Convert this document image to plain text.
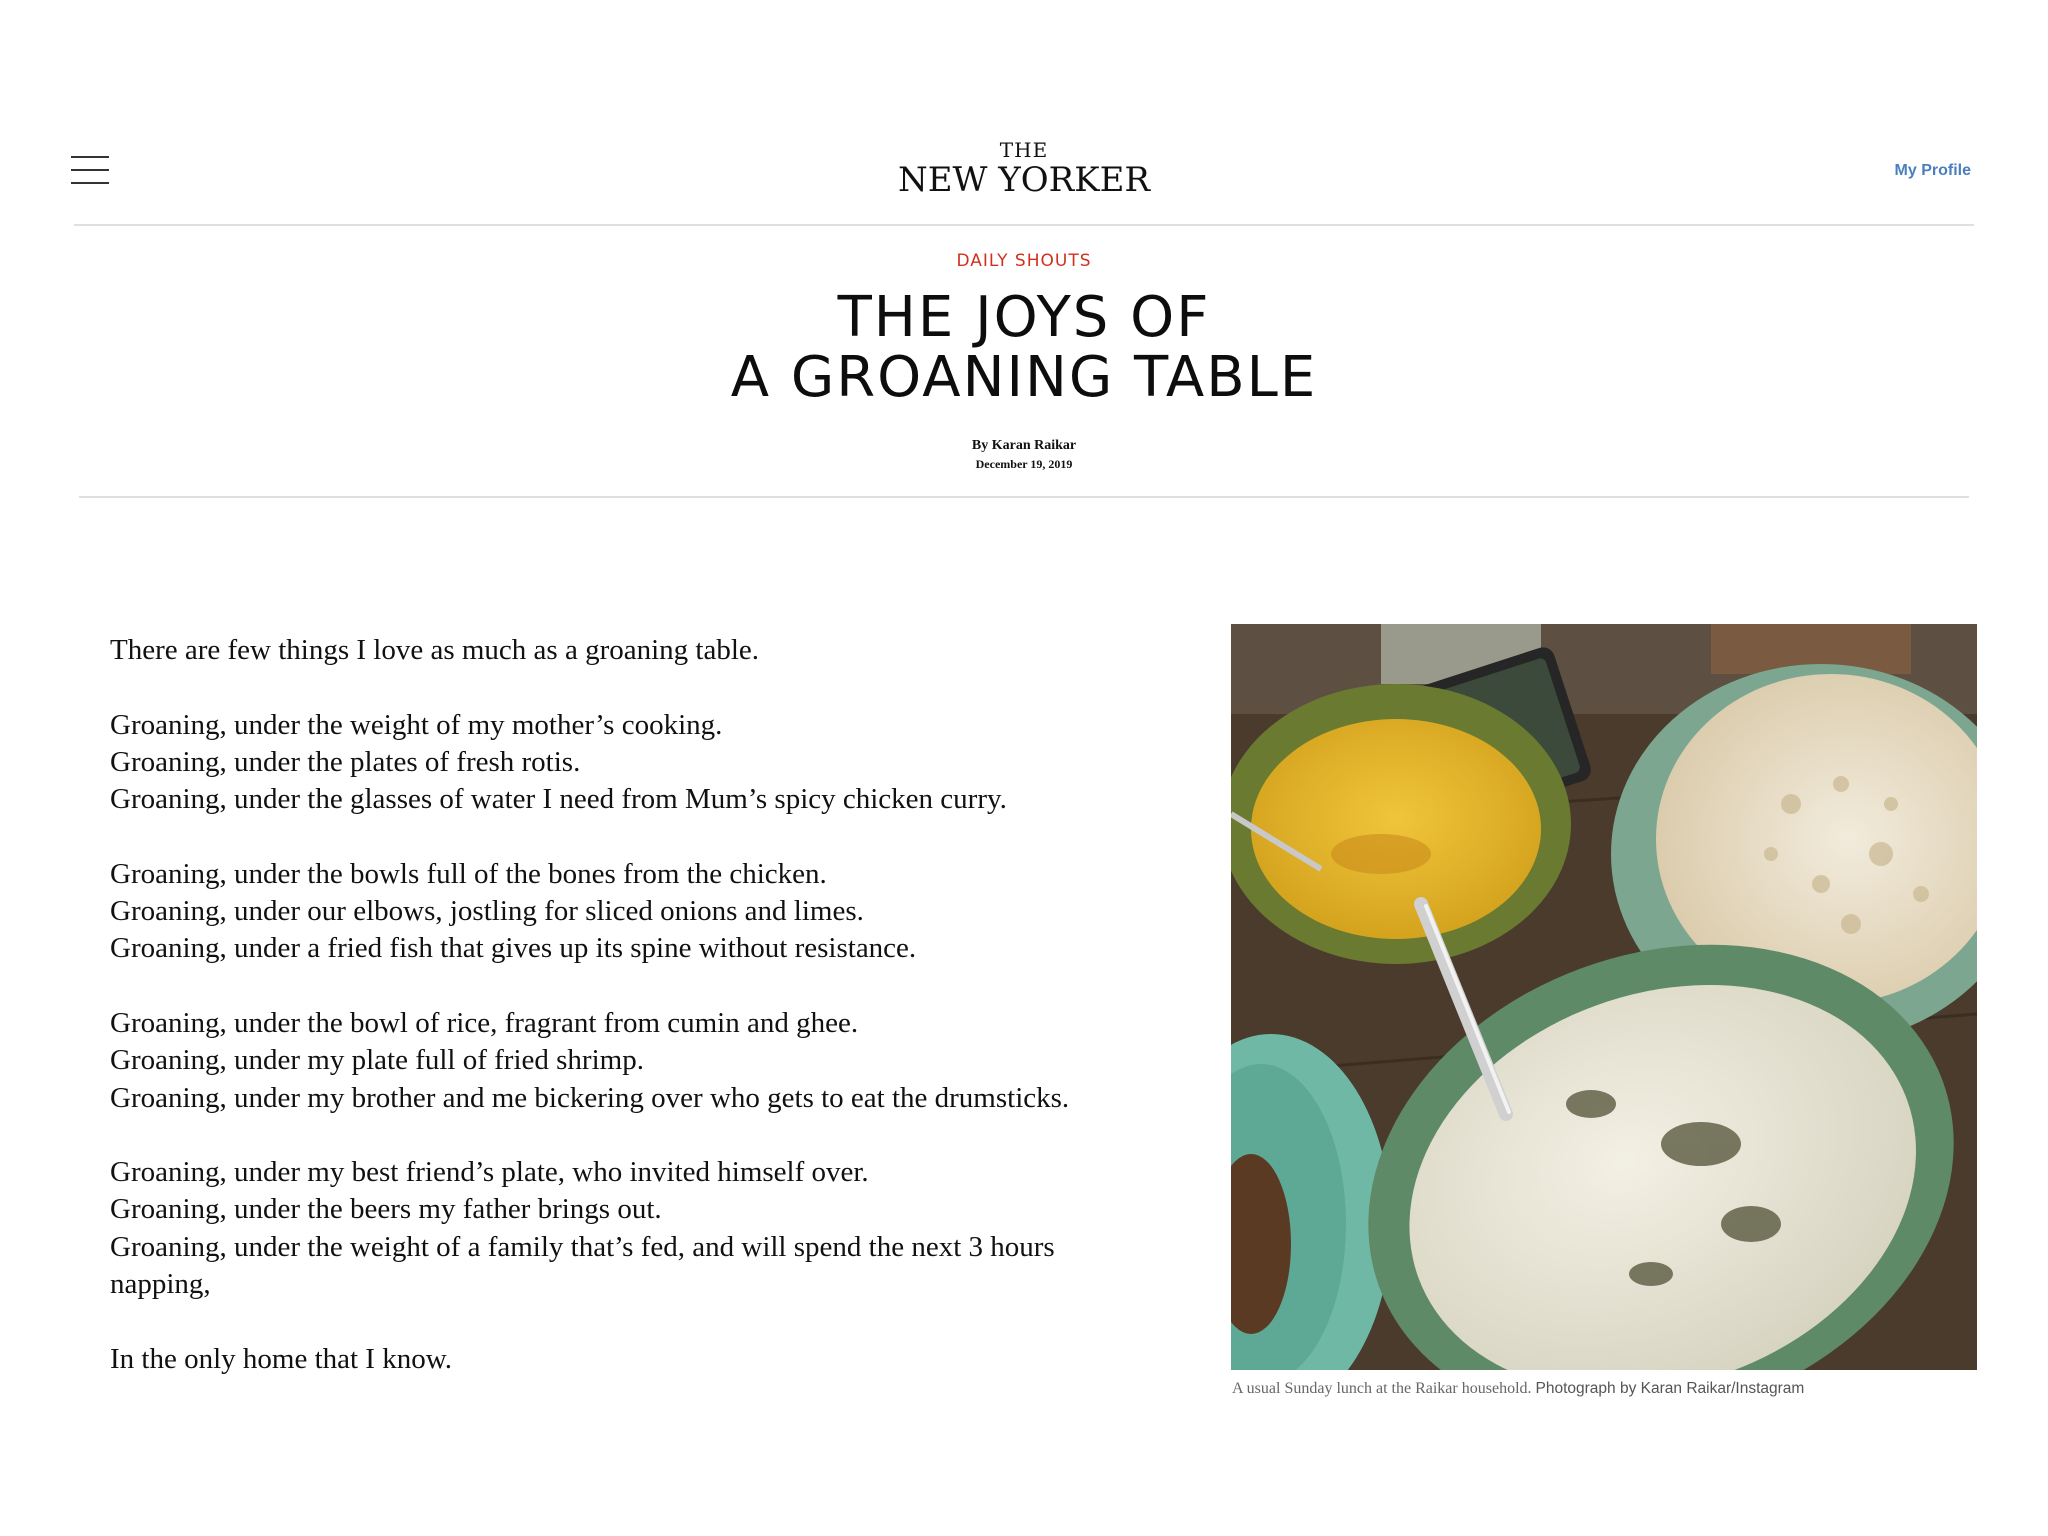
THE
NEW YORKER	My Profile
DAILY SHOUTS
THE JOYS OF
A GROANING TABLE
By Karan Raikar
December 19, 2019

There are few things I love as much as a groaning table.

Groaning, under the weight of my mother’s cooking.
Groaning, under the plates of fresh rotis.
Groaning, under the glasses of water I need from Mum’s spicy chicken curry.

Groaning, under the bowls full of the bones from the chicken.
Groaning, under our elbows, jostling for sliced onions and limes.
Groaning, under a fried fish that gives up its spine without resistance.

Groaning, under the bowl of rice, fragrant from cumin and ghee.
Groaning, under my plate full of fried shrimp.
Groaning, under my brother and me bickering over who gets to eat the drumsticks.

Groaning, under my best friend’s plate, who invited himself over.
Groaning, under the beers my father brings out.
Groaning, under the weight of a family that’s fed, and will spend the next 3 hours napping,

In the only home that I know.

A usual Sunday lunch at the Raikar household. Photograph by Karan Raikar/Instagram
